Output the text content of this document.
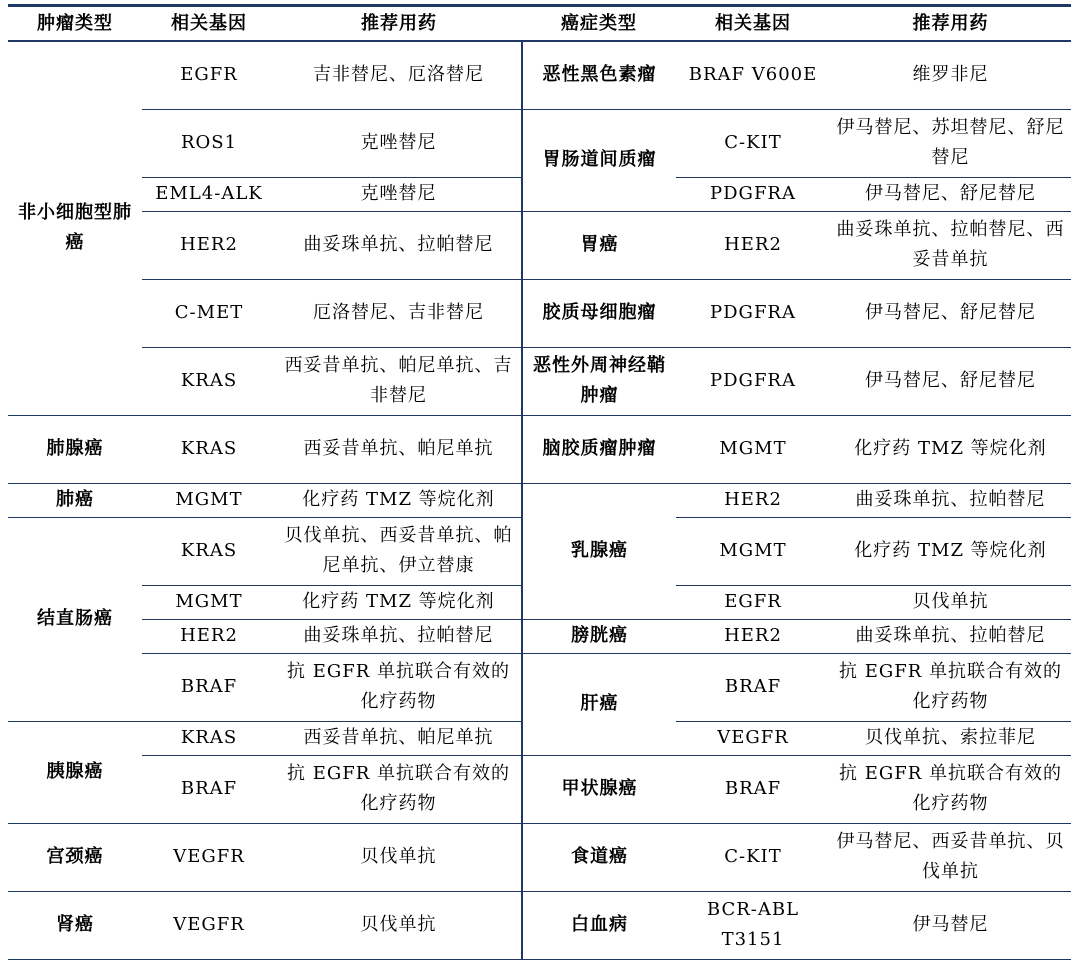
肿瘤类型	相关基因	推荐用药	癌症类型	相关基因	推荐用药
非小细胞型肺癌	EGFR	吉非替尼、厄洛替尼	恶性黑色素瘤	BRAF V600E	维罗非尼
	ROS1	克唑替尼	胃肠道间质瘤	C-KIT	伊马替尼、苏坦替尼、舒尼替尼
	EML4-ALK	克唑替尼		PDGFRA	伊马替尼、舒尼替尼
	HER2	曲妥珠单抗、拉帕替尼	胃癌	HER2	曲妥珠单抗、拉帕替尼、西妥昔单抗
	C-MET	厄洛替尼、吉非替尼	胶质母细胞瘤	PDGFRA	伊马替尼、舒尼替尼
	KRAS	西妥昔单抗、帕尼单抗、吉非替尼	恶性外周神经鞘肿瘤	PDGFRA	伊马替尼、舒尼替尼
肺腺癌	KRAS	西妥昔单抗、帕尼单抗	脑胶质瘤肿瘤	MGMT	化疗药 TMZ 等烷化剂
肺癌	MGMT	化疗药 TMZ 等烷化剂	乳腺癌	HER2	曲妥珠单抗、拉帕替尼
结直肠癌	KRAS	贝伐单抗、西妥昔单抗、帕尼单抗、伊立替康		MGMT	化疗药 TMZ 等烷化剂
	MGMT	化疗药 TMZ 等烷化剂		EGFR	贝伐单抗
	HER2	曲妥珠单抗、拉帕替尼	膀胱癌	HER2	曲妥珠单抗、拉帕替尼
	BRAF	抗 EGFR 单抗联合有效的化疗药物	肝癌	BRAF	抗 EGFR 单抗联合有效的化疗药物
胰腺癌	KRAS	西妥昔单抗、帕尼单抗		VEGFR	贝伐单抗、索拉菲尼
	BRAF	抗 EGFR 单抗联合有效的化疗药物	甲状腺癌	BRAF	抗 EGFR 单抗联合有效的化疗药物
宫颈癌	VEGFR	贝伐单抗	食道癌	C-KIT	伊马替尼、西妥昔单抗、贝伐单抗
肾癌	VEGFR	贝伐单抗	白血病	BCR-ABL T3151	伊马替尼
